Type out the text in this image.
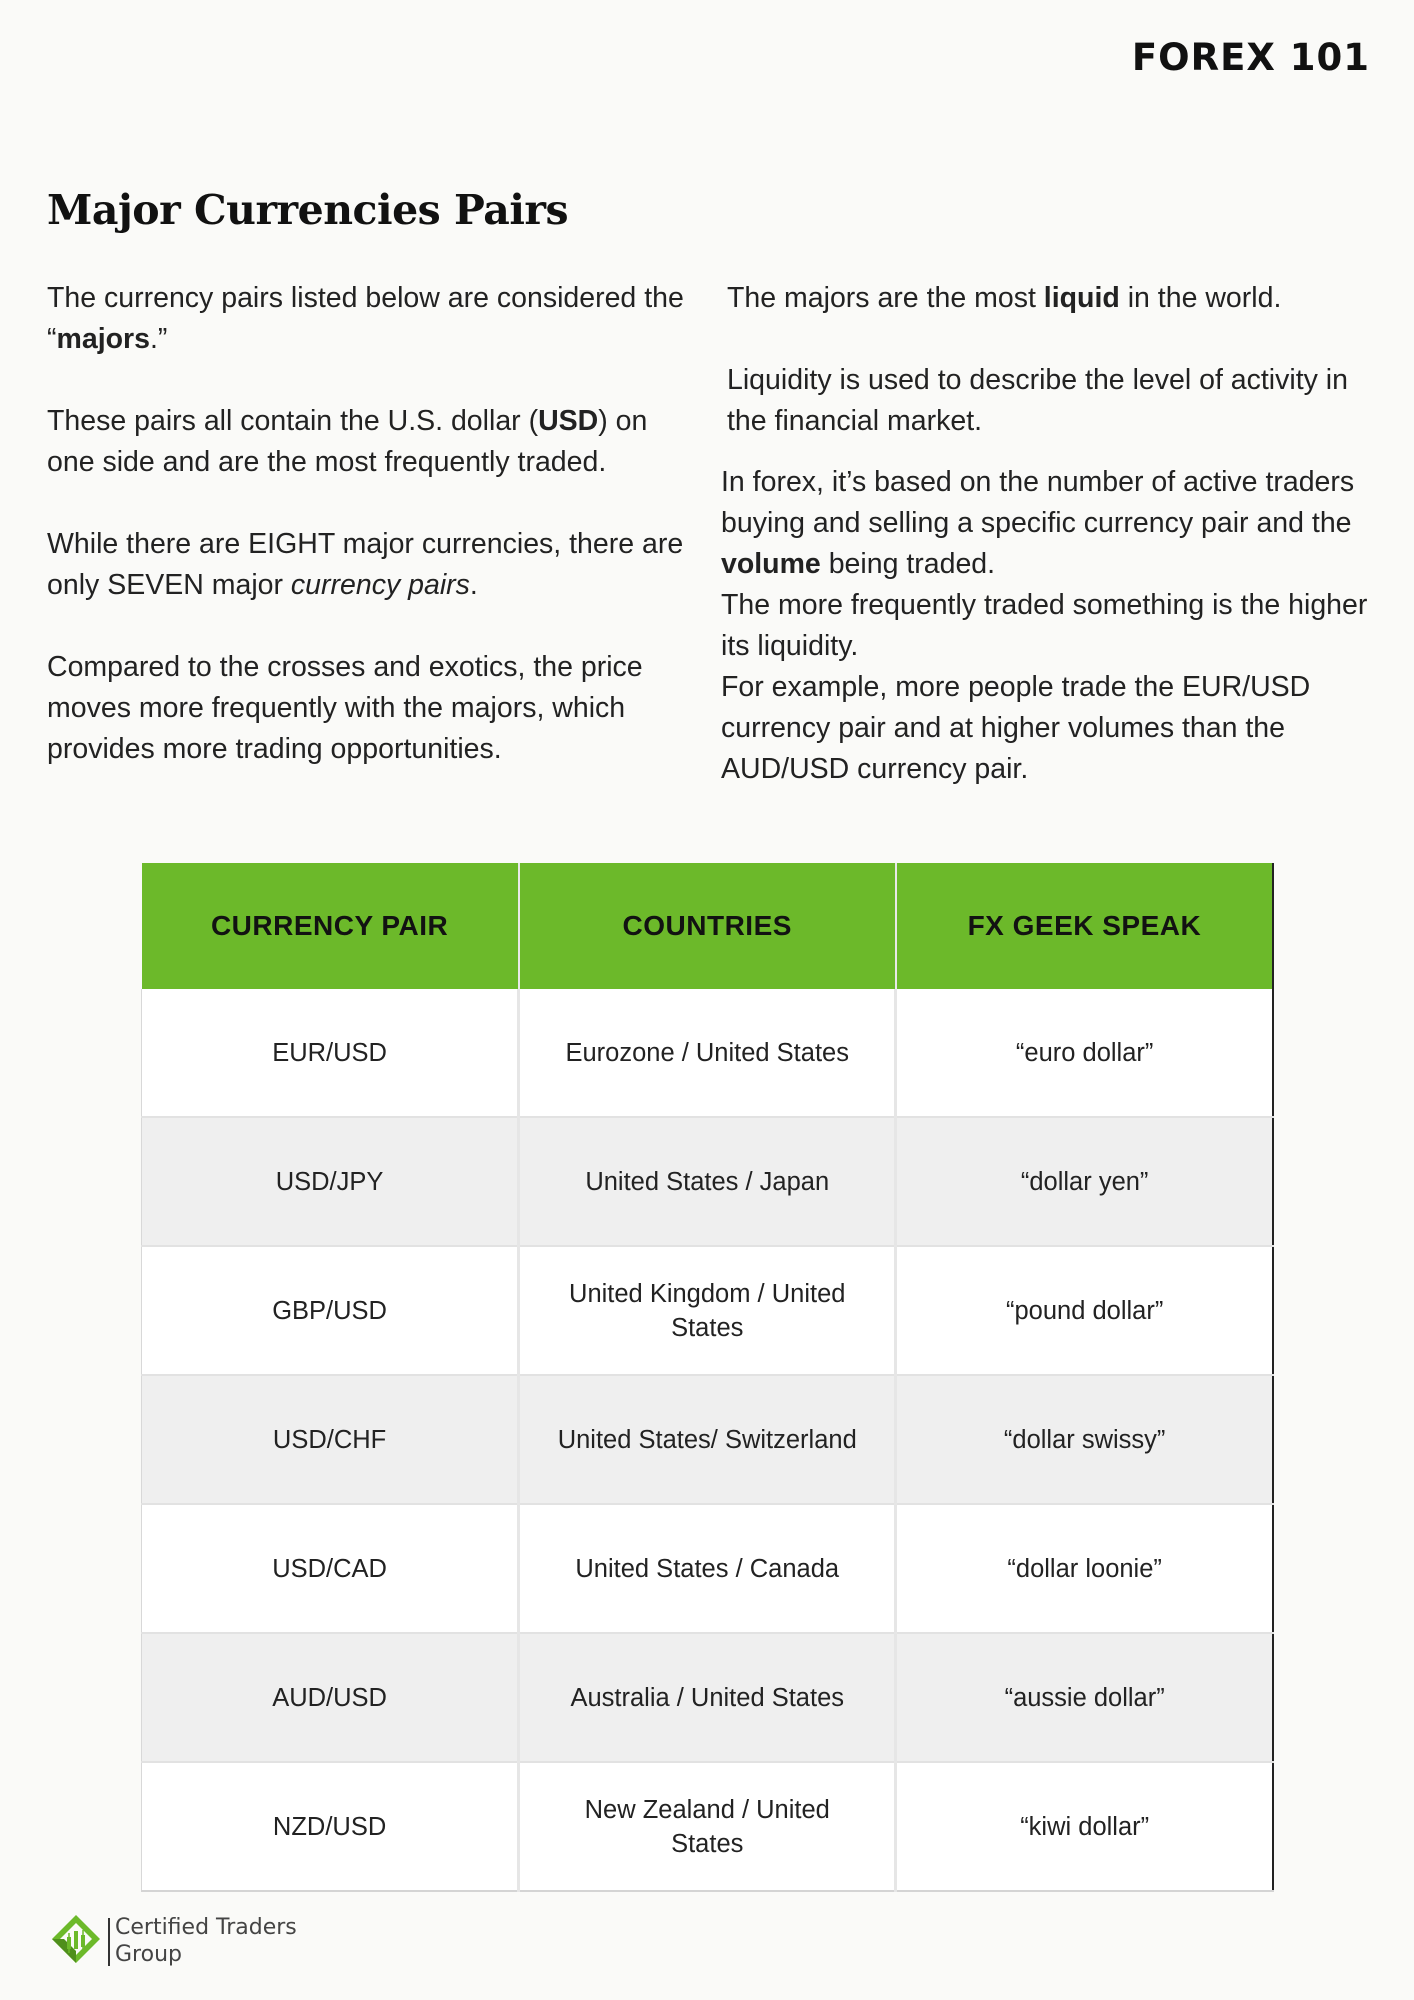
FOREX 101
Major Currencies Pairs

The currency pairs listed below are considered the “majors.”

These pairs all contain the U.S. dollar (USD) on one side and are the most frequently traded.

While there are EIGHT major currencies, there are only SEVEN major currency pairs.

Compared to the crosses and exotics, the price moves more frequently with the majors, which provides more trading opportunities.

The majors are the most liquid in the world.

Liquidity is used to describe the level of activity in the financial market.

In forex, it’s based on the number of active traders buying and selling a specific currency pair and the volume being traded.

The more frequently traded something is the higher its liquidity.

For example, more people trade the EUR/USD currency pair and at higher volumes than the AUD/USD currency pair.

CURRENCY PAIR	COUNTRIES	FX GEEK SPEAK
EUR/USD	Eurozone / United States	“euro dollar”
USD/JPY	United States / Japan	“dollar yen”
GBP/USD	United Kingdom / United States	“pound dollar”
USD/CHF	United States/ Switzerland	“dollar swissy”
USD/CAD	United States / Canada	“dollar loonie”
AUD/USD	Australia / United States	“aussie dollar”
NZD/USD	New Zealand / United States	“kiwi dollar”
Certified Traders
Group
